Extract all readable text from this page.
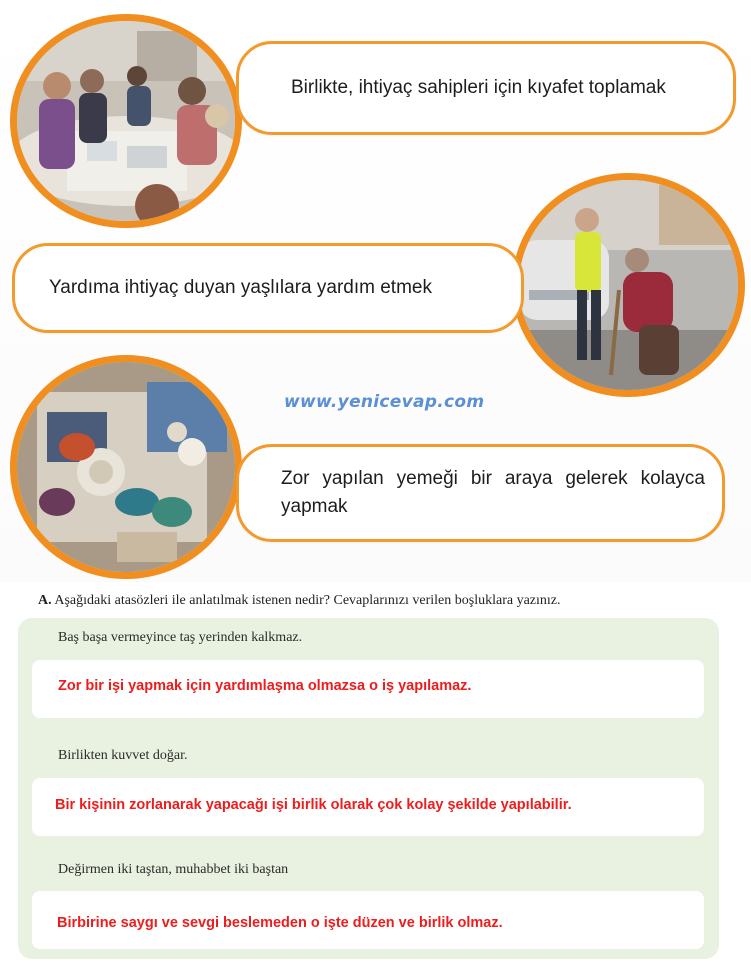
Birlikte, ihtiyaç sahipleri için kıyafet toplamak
Yardıma ihtiyaç duyan yaşlılara yardım etmek
Zor yapılan yemeği bir araya gelerek kolayca yapmak
www.yenicevap.com
A. Aşağıdaki atasözleri ile anlatılmak istenen nedir? Cevaplarınızı verilen boşluklara yazınız.
Baş başa vermeyince taş yerinden kalkmaz.
Zor bir işi yapmak için yardımlaşma olmazsa o iş yapılamaz.
Birlikten kuvvet doğar.
Bir kişinin zorlanarak yapacağı işi birlik olarak çok kolay şekilde yapılabilir.
Değirmen iki taştan, muhabbet iki baştan
Birbirine saygı ve sevgi beslemeden o işte düzen ve birlik olmaz.
